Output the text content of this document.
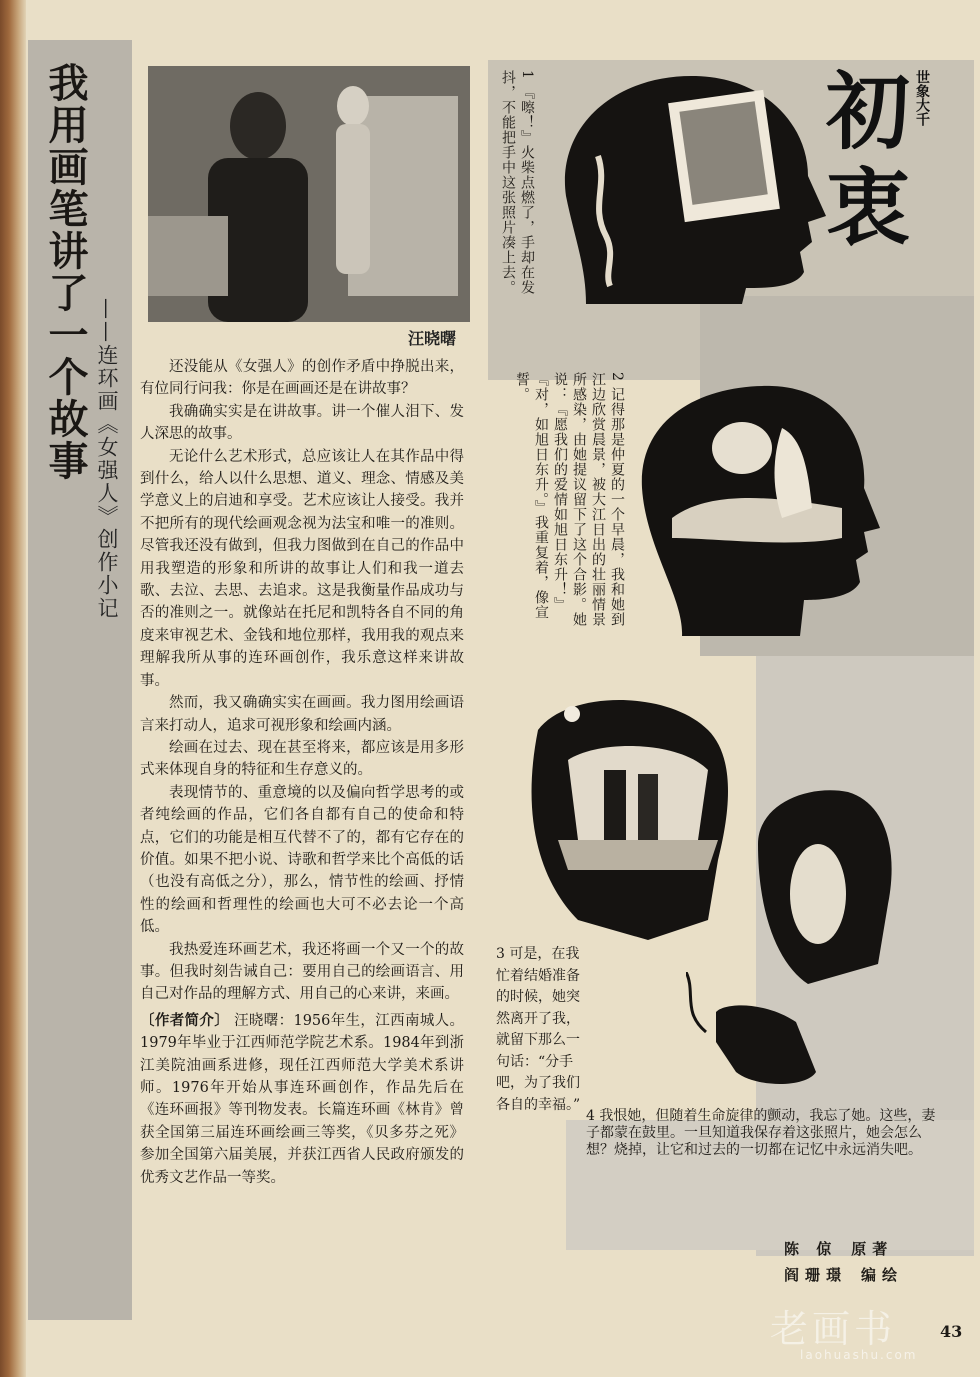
我用画笔讲了一个故事 ——连环画《女强人》创作小记	汪晓曙

还没能从《女强人》的创作矛盾中挣脱出来，有位同行问我：你是在画画还是在讲故事？

我确确实实是在讲故事。讲一个催人泪下、发人深思的故事。

无论什么艺术形式，总应该让人在其作品中得到什么，给人以什么思想、道义、理念、情感及美学意义上的启迪和享受。艺术应该让人接受。我并不把所有的现代绘画观念视为法宝和唯一的准则。尽管我还没有做到，但我力图做到在自己的作品中用我塑造的形象和所讲的故事让人们和我一道去歌、去泣、去思、去追求。这是我衡量作品成功与否的准则之一。就像站在托尼和凯特各自不同的角度来审视艺术、金钱和地位那样，我用我的观点来理解我所从事的连环画创作，我乐意这样来讲故事。

然而，我又确确实实在画画。我力图用绘画语言来打动人，追求可视形象和绘画内涵。

绘画在过去、现在甚至将来，都应该是用多形式来体现自身的特征和生存意义的。

表现情节的、重意境的以及偏向哲学思考的或者纯绘画的作品，它们各自都有自己的使命和特点，它们的功能是相互代替不了的，都有它存在的价值。如果不把小说、诗歌和哲学来比个高低的话（也没有高低之分），那么，情节性的绘画、抒情性的绘画和哲理性的绘画也大可不必去论一个高低。

我热爱连环画艺术，我还将画一个又一个的故事。但我时刻告诫自己：要用自己的绘画语言、用自己对作品的理解方式、用自己的心来讲，来画。

〔作者简介〕 汪晓曙：1956年生，江西南城人。1979年毕业于江西师范学院艺术系。1984年到浙江美院油画系进修，现任江西师范大学美术系讲师。1976年开始从事连环画创作，作品先后在《连环画报》等刊物发表。长篇连环画《林肯》曾获全国第三届连环画绘画三等奖，《贝多芬之死》参加全国第六届美展，并获江西省人民政府颁发的优秀文艺作品一等奖。

世象大千
初衷
1 『嚓！』火柴点燃了，手却在发抖，不能把手中这张照片凑上去。
2 记得那是仲夏的一个早晨，我和她到江边欣赏晨景，被大江日出的壮丽情景所感染，由她提议留下了这个合影。她说：『愿我们的爱情如旭日东升！』『对，如旭日东升。』我重复着，像宣誓。
3 可是，在我忙着结婚准备的时候，她突然离开了我，就留下那么一句话：“分手吧，为了我们各自的幸福。”
4 我恨她，但随着生命旋律的颤动，我忘了她。这些，妻子都蒙在鼓里。一旦知道我保存着这张照片，她会怎么想？烧掉，让它和过去的一切都在记忆中永远消失吧。
陈 倞 原著
阎珊璟 编绘
老画书
laohuashu.com
43
